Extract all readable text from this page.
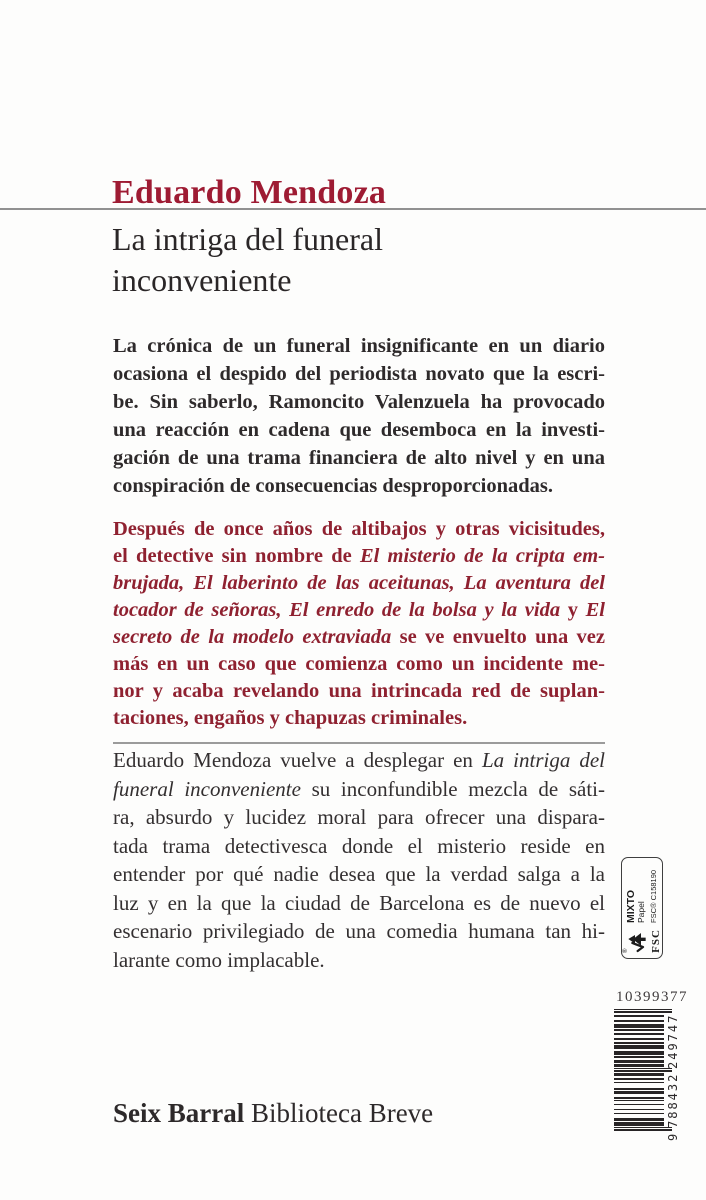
Eduardo Mendoza
La intriga del funeral
inconveniente
La crónica de un funeral insignificante en un diario
ocasiona el despido del periodista novato que la escri-
be. Sin saberlo, Ramoncito Valenzuela ha provocado
una reacción en cadena que desemboca en la investi-
gación de una trama financiera de alto nivel y en una
conspiración de consecuencias desproporcionadas.
Después de once años de altibajos y otras vicisitudes,
el detective sin nombre de El misterio de la cripta em-
brujada, El laberinto de las aceitunas, La aventura del
tocador de señoras, El enredo de la bolsa y la vida y El
secreto de la modelo extraviada se ve envuelto una vez
más en un caso que comienza como un incidente me-
nor y acaba revelando una intrincada red de suplan-
taciones, engaños y chapuzas criminales.
Eduardo Mendoza vuelve a desplegar en La intriga del
funeral inconveniente su inconfundible mezcla de sáti-
ra, absurdo y lucidez moral para ofrecer una dispara-
tada trama detectivesca donde el misterio reside en
entender por qué nadie desea que la verdad salga a la
luz y en la que la ciudad de Barcelona es de nuevo el
escenario privilegiado de una comedia humana tan hi-
larante como implacable.	® FSC
MIXTO Papel FSC® C158190
10399377
9
788432
249747
Seix Barral Biblioteca Breve
